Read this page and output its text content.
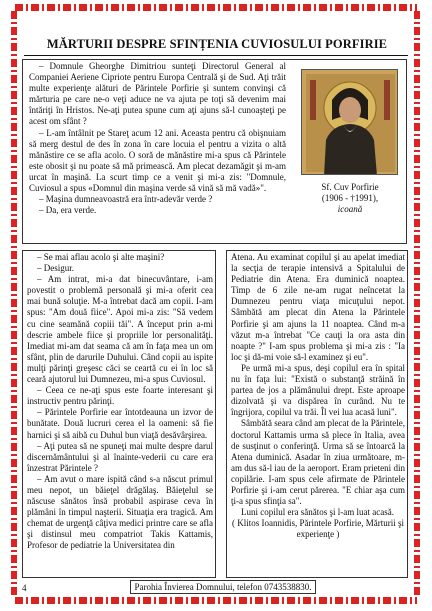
MĂRTURII DESPRE SFINȚENIA CUVIOSULUI PORFIRIE
– Domnule Gheorghe Dimitriou sunteţi Directorul General al Companiei Aeriene Cipriote pentru Europa Centrală şi de Sud. Aţi trăit multe experienţe alături de Părintele Porfirie şi suntem convinşi că mărturia pe care ne-o veţi aduce ne va ajuta pe toţi să devenim mai întăriţi în Hristos. Ne-aţi putea spune cum aţi ajuns să-l cunoaşteţi pe acest om sfânt ?
– L-am întâlnit pe Stareţ acum 12 ani. Aceasta pentru că obişnuiam să merg destul de des în zona în care locuia el pentru a vizita o altă mănăstire ce se afla acolo. O soră de mănăstire mi-a spus că Părintele este obosit şi nu poate să mă primească. Am plecat dezamăgit şi m-am urcat în maşină. La scurt timp ce a venit şi mi-a zis: "Domnule, Cuviosul a spus «Domnul din maşina verde să vină să mă vadă»".
– Maşina dumneavoastră era într-adevăr verde ?
– Da, era verde.
Sf. Cuv Porfirie
(1906 - †1991),
icoană
– Se mai aflau acolo şi alte maşini?
– Desigur.
– Am intrat, mi-a dat binecuvântare, i-am povestit o problemă personală şi mi-a oferit cea mai bună soluţie. M-a întrebat dacă am copii. I-am spus: "Am două fiice". Apoi mi-a zis: "Să vedem cu cine seamănă copiii tăi". A început prin a-mi descrie ambele fiice şi propriile lor personalităţi. Imediat mi-am dat seama că am în faţa mea un om sfânt, plin de darurile Duhului. Când copii au ispite mulţi părinţi greşesc căci se ceartă cu ei în loc să ceară ajutorul lui Dumnezeu, mi-a spus Cuviosul.
– Ceea ce ne-aţi spus este foarte interesant şi instructiv pentru părinţi.
– Părintele Porfirie ear întotdeauna un izvor de bunătate. Două lucruri cerea el la oameni: să fie harnici şi să aibă cu Duhul bun viaţă desăvârşirea.
– Aţi putea să ne spuneţi mai multe despre darul discernământului şi al înainte-vederii cu care era înzestrat Părintele ?
– Am avut o mare ispită când s-a născut primul meu nepot, un băieţel drăgălaş. Băieţelul se născuse sănătos însă probabil aspirase ceva în plămâni în timpul naşterii. Situaţia era tragică. Am chemat de urgenţă câţiva medici printre care se afla şi distinsul meu compatriot Takis Kattamis, Profesor de pediatrie la Universitatea din
Atena. Au examinat copilul şi au apelat imediat la secţia de terapie intensivă a Spitalului de Pediatrie din Atena. Era duminică noaptea. Timp de 6 zile ne-am rugat neîncetat la Dumnezeu pentru viaţa micuţului nepot. Sâmbătă am plecat din Atena la Părintele Porfirie şi am ajuns la 11 noaptea. Când m-a văzut m-a întrebat "Ce cauţi la ora asta din noapte ?" I-am spus problema şi mi-a zis : "Ia loc şi dă-mi voie să-l examinez şi eu".
Pe urmă mi-a spus, deşi copilul era în spital nu în faţa lui: "Există o substanţă străină în partea de jos a plămânului drept. Este aproape dizolvată şi va dispărea în curând. Nu te îngrijora, copilul va trăi. Îl vei lua acasă luni".
Sâmbătă seara când am plecat de la Părintele, doctorul Kattamis urma să plece în Italia, avea de susţinut o conferinţă. Urma să se întoarcă la Atena duminică. Asadar în ziua următoare, m-am dus să-l iau de la aeroport. Eram prieteni din copilărie. I-am spus cele afirmate de Părintele Porfirie şi i-am cerut părerea. "E chiar aşa cum ţi-a spus sfinţia sa".
Luni copilul era sănătos şi l-am luat acasă.
( Klitos Ioannidis, Părintele Porfirie, Mărturii şi experienţe )
4	Parohia Învierea Domnului, telefon 0743538830.
